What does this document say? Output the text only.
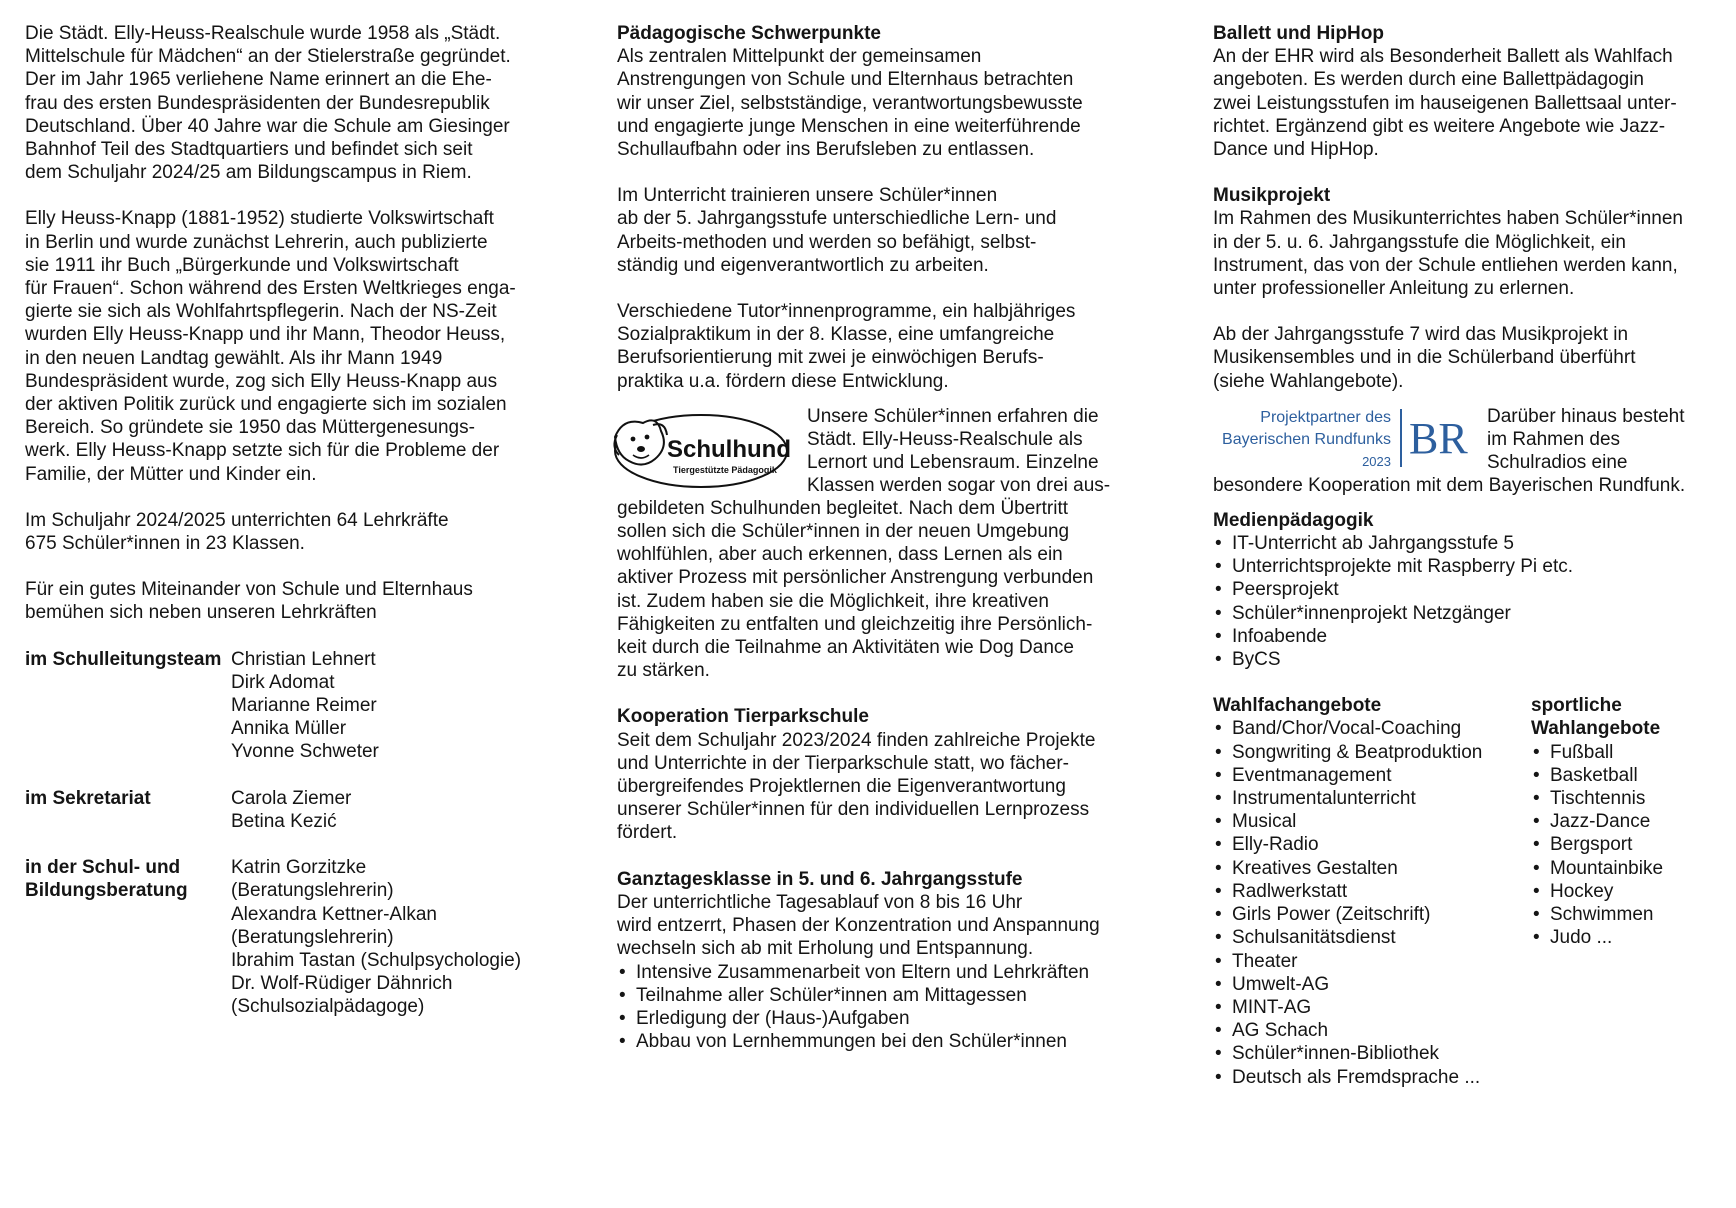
Die Städt. Elly-Heuss-Realschule wurde 1958 als „Städt.
Mittelschule für Mädchen“ an der Stielerstraße gegründet.
Der im Jahr 1965 verliehene Name erinnert an die Ehe-
frau des ersten Bundespräsidenten der Bundesrepublik
Deutschland. Über 40 Jahre war die Schule am Giesinger
Bahnhof Teil des Stadtquartiers und befindet sich seit
dem Schuljahr 2024/25 am Bildungscampus in Riem.
Elly Heuss-Knapp (1881-1952) studierte Volkswirtschaft
in Berlin und wurde zunächst Lehrerin, auch publizierte
sie 1911 ihr Buch „Bürgerkunde und Volkswirtschaft
für Frauen“. Schon während des Ersten Weltkrieges enga-
gierte sie sich als Wohlfahrtspflegerin. Nach der NS-Zeit
wurden Elly Heuss-Knapp und ihr Mann, Theodor Heuss,
in den neuen Landtag gewählt. Als ihr Mann 1949
Bundespräsident wurde, zog sich Elly Heuss-Knapp aus
der aktiven Politik zurück und engagierte sich im sozialen
Bereich. So gründete sie 1950 das Müttergenesungs-
werk. Elly Heuss-Knapp setzte sich für die Probleme der
Familie, der Mütter und Kinder ein.
Im Schuljahr 2024/2025 unterrichten 64 Lehrkräfte
675 Schüler*innen in 23 Klassen.
Für ein gutes Miteinander von Schule und Elternhaus
bemühen sich neben unseren Lehrkräften
im Schulleitungsteam Christian Lehnert
Dirk Adomat
Marianne Reimer
Annika Müller
Yvonne Schweter
im Sekretariat	Carola Ziemer
Betina Kezić
in der Schul- und
Bildungsberatung
Katrin Gorzitzke
(Beratungslehrerin)
Alexandra Kettner-Alkan
(Beratungslehrerin)
Ibrahim Tastan (Schulpsychologie)
Dr. Wolf-Rüdiger Dähnrich
(Schulsozialpädagoge)
Pädagogische Schwerpunkte
Als zentralen Mittelpunkt der gemeinsamen
Anstrengungen von Schule und Elternhaus betrachten
wir unser Ziel, selbstständige, verantwortungsbewusste
und engagierte junge Menschen in eine weiterführende
Schullaufbahn oder ins Berufsleben zu entlassen.
Im Unterricht trainieren unsere Schüler*innen
ab der 5. Jahrgangsstufe unterschiedliche Lern- und
Arbeits-methoden und werden so befähigt, selbst-
ständig und eigenverantwortlich zu arbeiten.
Verschiedene Tutor*innenprogramme, ein halbjähriges
Sozialpraktikum in der 8. Klasse, eine umfangreiche
Berufsorientierung mit zwei je einwöchigen Berufs-
praktika u.a. fördern diese Entwicklung.
Schulhund
Tiergestützte Pädagogik
Unsere Schüler*innen erfahren die
Städt. Elly-Heuss-Realschule als
Lernort und Lebensraum. Einzelne
Klassen werden sogar von drei aus-
gebildeten Schulhunden begleitet. Nach dem Übertritt
sollen sich die Schüler*innen in der neuen Umgebung
wohlfühlen, aber auch erkennen, dass Lernen als ein
aktiver Prozess mit persönlicher Anstrengung verbunden
ist. Zudem haben sie die Möglichkeit, ihre kreativen
Fähigkeiten zu entfalten und gleichzeitig ihre Persönlich-
keit durch die Teilnahme an Aktivitäten wie Dog Dance
zu stärken.
Kooperation Tierparkschule
Seit dem Schuljahr 2023/2024 finden zahlreiche Projekte
und Unterrichte in der Tierparkschule statt, wo fächer-
übergreifendes Projektlernen die Eigenverantwortung
unserer Schüler*innen für den individuellen Lernprozess
fördert.
Ganztagesklasse in 5. und 6. Jahrgangsstufe
Der unterrichtliche Tagesablauf von 8 bis 16 Uhr
wird entzerrt, Phasen der Konzentration und Anspannung
wechseln sich ab mit Erholung und Entspannung.
• Intensive Zusammenarbeit von Eltern und Lehrkräften
• Teilnahme aller Schüler*innen am Mittagessen
• Erledigung der (Haus-)Aufgaben
• Abbau von Lernhemmungen bei den Schüler*innen
Ballett und HipHop
An der EHR wird als Besonderheit Ballett als Wahlfach
angeboten. Es werden durch eine Ballettpädagogin
zwei Leistungsstufen im hauseigenen Ballettsaal unter-
richtet. Ergänzend gibt es weitere Angebote wie Jazz-
Dance und HipHop.
Musikprojekt
Im Rahmen des Musikunterrichtes haben Schüler*innen
in der 5. u. 6. Jahrgangsstufe die Möglichkeit, ein
Instrument, das von der Schule entliehen werden kann,
unter professioneller Anleitung zu erlernen.
Ab der Jahrgangsstufe 7 wird das Musikprojekt in
Musikensembles und in die Schülerband überführt
(siehe Wahlangebote).
Projektpartner des
Bayerischen Rundfunks
2023 BR Darüber hinaus besteht
im Rahmen des
Schulradios eine
besondere Kooperation mit dem Bayerischen Rundfunk.
Medienpädagogik
• IT-Unterricht ab Jahrgangsstufe 5
• Unterrichtsprojekte mit Raspberry Pi etc.
• Peersprojekt
• Schüler*innenprojekt Netzgänger
• Infoabende
• ByCS
Wahlfachangebote
• Band/Chor/Vocal-Coaching
• Songwriting & Beatproduktion
• Eventmanagement
• Instrumentalunterricht
• Musical
• Elly-Radio
• Kreatives Gestalten
• Radlwerkstatt
• Girls Power (Zeitschrift)
• Schulsanitätsdienst
• Theater
• Umwelt-AG
• MINT-AG
• AG Schach
• Schüler*innen-Bibliothek
• Deutsch als Fremdsprache ...
sportliche
Wahlangebote
• Fußball
• Basketball
• Tischtennis
• Jazz-Dance
• Bergsport
• Mountainbike
• Hockey
• Schwimmen
• Judo ...
